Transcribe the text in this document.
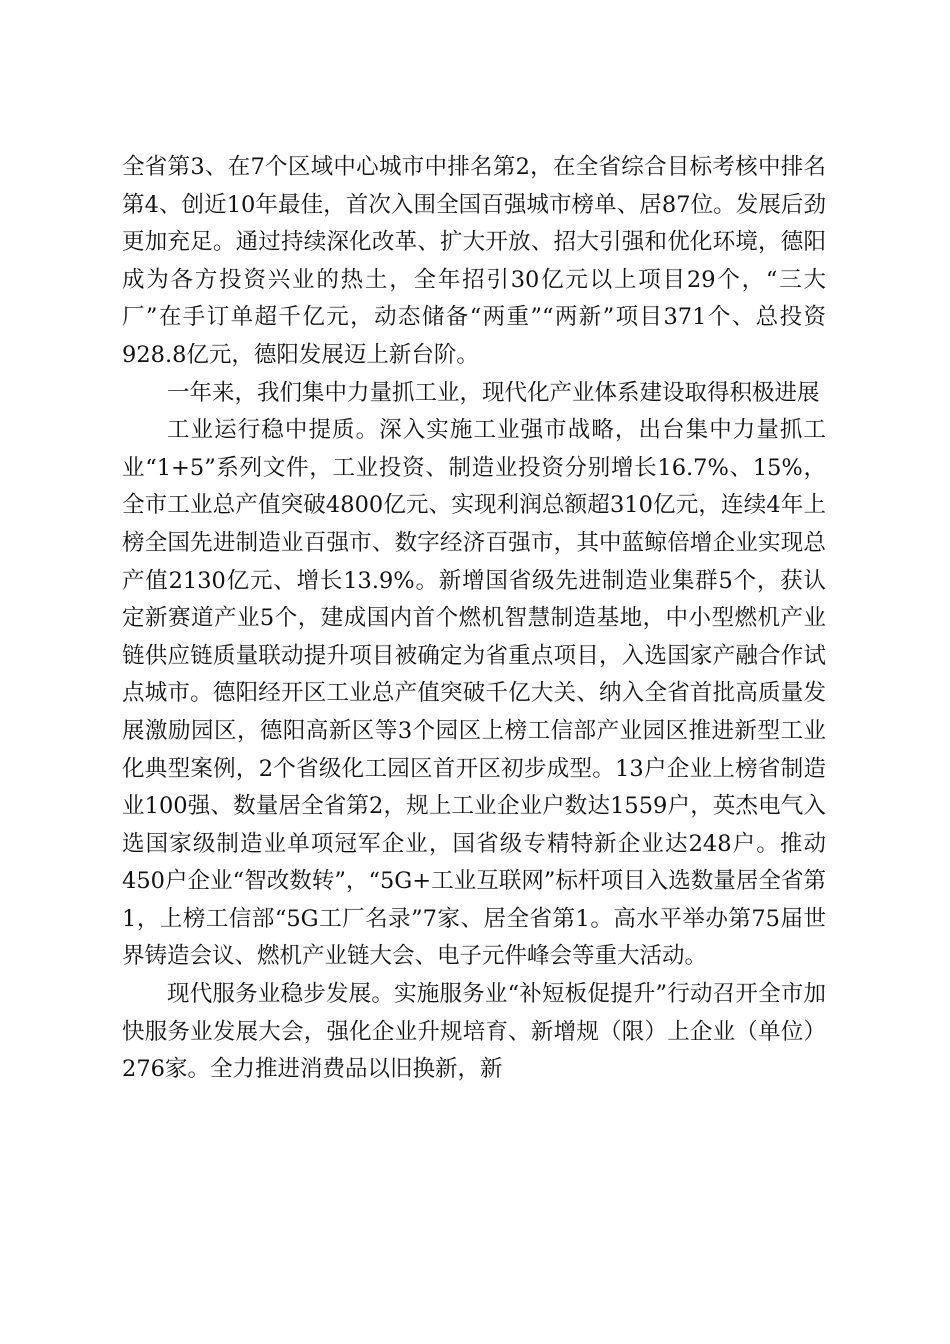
全省第3、在7个区域中心城市中排名第2，在全省综合目标考核中排名第4、创近10年最佳，首次入围全国百强城市榜单、居87位。发展后劲更加充足。通过持续深化改革、扩大开放、招大引强和优化环境，德阳成为各方投资兴业的热土，全年招引30亿元以上项目29个，“三大厂”在手订单超千亿元，动态储备“两重”“两新”项目371个、总投资928.8亿元，德阳发展迈上新台阶。

一年来，我们集中力量抓工业，现代化产业体系建设取得积极进展

工业运行稳中提质。深入实施工业强市战略，出台集中力量抓工业“1+5”系列文件，工业投资、制造业投资分别增长16.7%、15%，全市工业总产值突破4800亿元、实现利润总额超310亿元，连续4年上榜全国先进制造业百强市、数字经济百强市，其中蓝鲸倍增企业实现总产值2130亿元、增长13.9%。新增国省级先进制造业集群5个，获认定新赛道产业5个，建成国内首个燃机智慧制造基地，中小型燃机产业链供应链质量联动提升项目被确定为省重点项目，入选国家产融合作试点城市。德阳经开区工业总产值突破千亿大关、纳入全省首批高质量发展激励园区，德阳高新区等3个园区上榜工信部产业园区推进新型工业化典型案例，2个省级化工园区首开区初步成型。13户企业上榜省制造业100强、数量居全省第2，规上工业企业户数达1559户，英杰电气入选国家级制造业单项冠军企业，国省级专精特新企业达248户。推动450户企业“智改数转”，“5G+工业互联网”标杆项目入选数量居全省第1，上榜工信部“5G工厂名录”7家、居全省第1。高水平举办第75届世界铸造会议、燃机产业链大会、电子元件峰会等重大活动。

现代服务业稳步发展。实施服务业“补短板促提升”行动召开全市加快服务业发展大会，强化企业升规培育、新增规（限）上企业（单位）276家。全力推进消费品以旧换新，新
